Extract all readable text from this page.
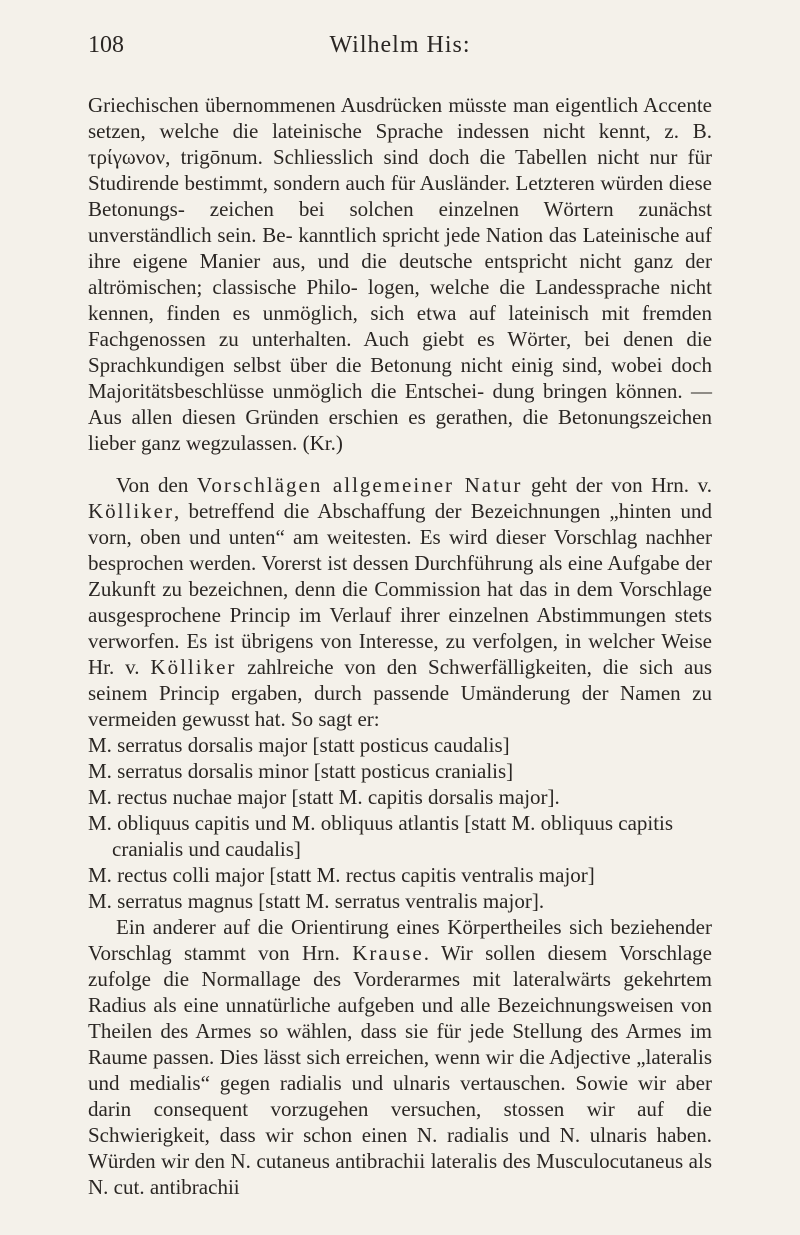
108	Wilhelm His:

Griechischen übernommenen Ausdrücken müsste man eigentlich Accente setzen, welche die lateinische Sprache indessen nicht kennt, z. B. τρίγωνον, trigōnum. Schliesslich sind doch die Tabellen nicht nur für Studirende bestimmt, sondern auch für Ausländer. Letzteren würden diese Betonungs- zeichen bei solchen einzelnen Wörtern zunächst unverständlich sein. Be- kanntlich spricht jede Nation das Lateinische auf ihre eigene Manier aus, und die deutsche entspricht nicht ganz der altrömischen; classische Philo- logen, welche die Landessprache nicht kennen, finden es unmöglich, sich etwa auf lateinisch mit fremden Fachgenossen zu unterhalten. Auch giebt es Wörter, bei denen die Sprachkundigen selbst über die Betonung nicht einig sind, wobei doch Majoritätsbeschlüsse unmöglich die Entschei- dung bringen können. — Aus allen diesen Gründen erschien es gerathen, die Betonungszeichen lieber ganz wegzulassen. (Kr.)

Von den Vorschlägen allgemeiner Natur geht der von Hrn. v. Kölliker, betreffend die Abschaffung der Bezeichnungen „hinten und vorn, oben und unten“ am weitesten. Es wird dieser Vorschlag nachher besprochen werden. Vorerst ist dessen Durchführung als eine Aufgabe der Zukunft zu bezeichnen, denn die Commission hat das in dem Vorschlage ausgesprochene Princip im Verlauf ihrer einzelnen Abstimmungen stets verworfen. Es ist übrigens von Interesse, zu verfolgen, in welcher Weise Hr. v. Kölliker zahlreiche von den Schwerfälligkeiten, die sich aus seinem Princip ergaben, durch passende Umänderung der Namen zu vermeiden gewusst hat. So sagt er:

M. serratus dorsalis major [statt posticus caudalis]

M. serratus dorsalis minor [statt posticus cranialis]

M. rectus nuchae major [statt M. capitis dorsalis major].

M. obliquus capitis und M. obliquus atlantis [statt M. obliquus capitis cranialis und caudalis]

M. rectus colli major [statt M. rectus capitis ventralis major]

M. serratus magnus [statt M. serratus ventralis major].

Ein anderer auf die Orientirung eines Körpertheiles sich beziehender Vorschlag stammt von Hrn. Krause. Wir sollen diesem Vorschlage zufolge die Normallage des Vorderarmes mit lateralwärts gekehrtem Radius als eine unnatürliche aufgeben und alle Bezeichnungsweisen von Theilen des Armes so wählen, dass sie für jede Stellung des Armes im Raume passen. Dies lässt sich erreichen, wenn wir die Adjective „lateralis und medialis“ gegen radialis und ulnaris vertauschen. Sowie wir aber darin consequent vorzugehen versuchen, stossen wir auf die Schwierigkeit, dass wir schon einen N. radialis und N. ulnaris haben. Würden wir den N. cutaneus antibrachii lateralis des Musculocutaneus als N. cut. antibrachii
